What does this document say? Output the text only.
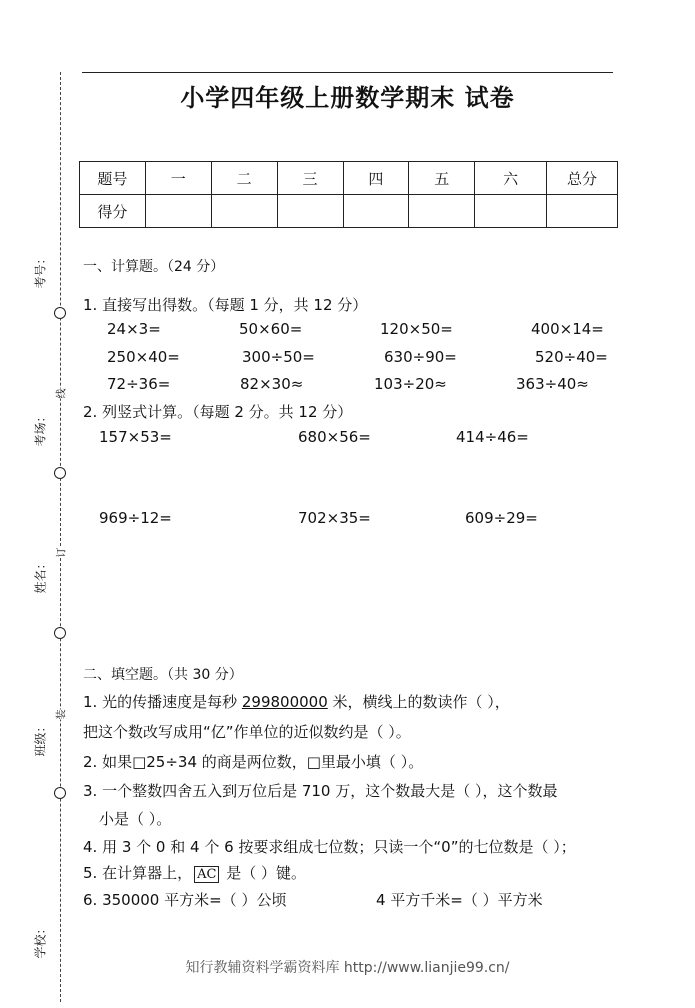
考号：
考场：
姓名：
班级：
学校：
线
订
装
小学四年级上册数学期末 试卷
题号	一	二	三	四	五	六	总分
得分							
一、计算题。（24 分）
1. 直接写出得数。（每题 1 分，共 12 分）
24×3=	50×60=	120×50=	400×14=
250×40=	300÷50=	630÷90=	520÷40=
72÷36=	82×30≈	103÷20≈	363÷40≈
2. 列竖式计算。（每题 2 分。共 12 分）
157×53=	680×56=	414÷46=
969÷12=	702×35=	609÷29=
二、填空题。（共 30 分）
1. 光的传播速度是每秒 299800000 米，横线上的数读作（ ），
把这个数改写成用“亿”作单位的近似数约是（ ）。
2. 如果□25÷34 的商是两位数，□里最小填（ ）。
3. 一个整数四舍五入到万位后是 710 万，这个数最大是（ ），这个数最
小是（ ）。
4. 用 3 个 0 和 4 个 6 按要求组成七位数；只读一个“0”的七位数是（ ）；
5. 在计算器上， AC 是（ ）键。
6. 350000 平方米=（ ）公顷	4 平方千米=（ ）平方米
知行教辅资料学霸资料库 http://www.lianjie99.cn/
